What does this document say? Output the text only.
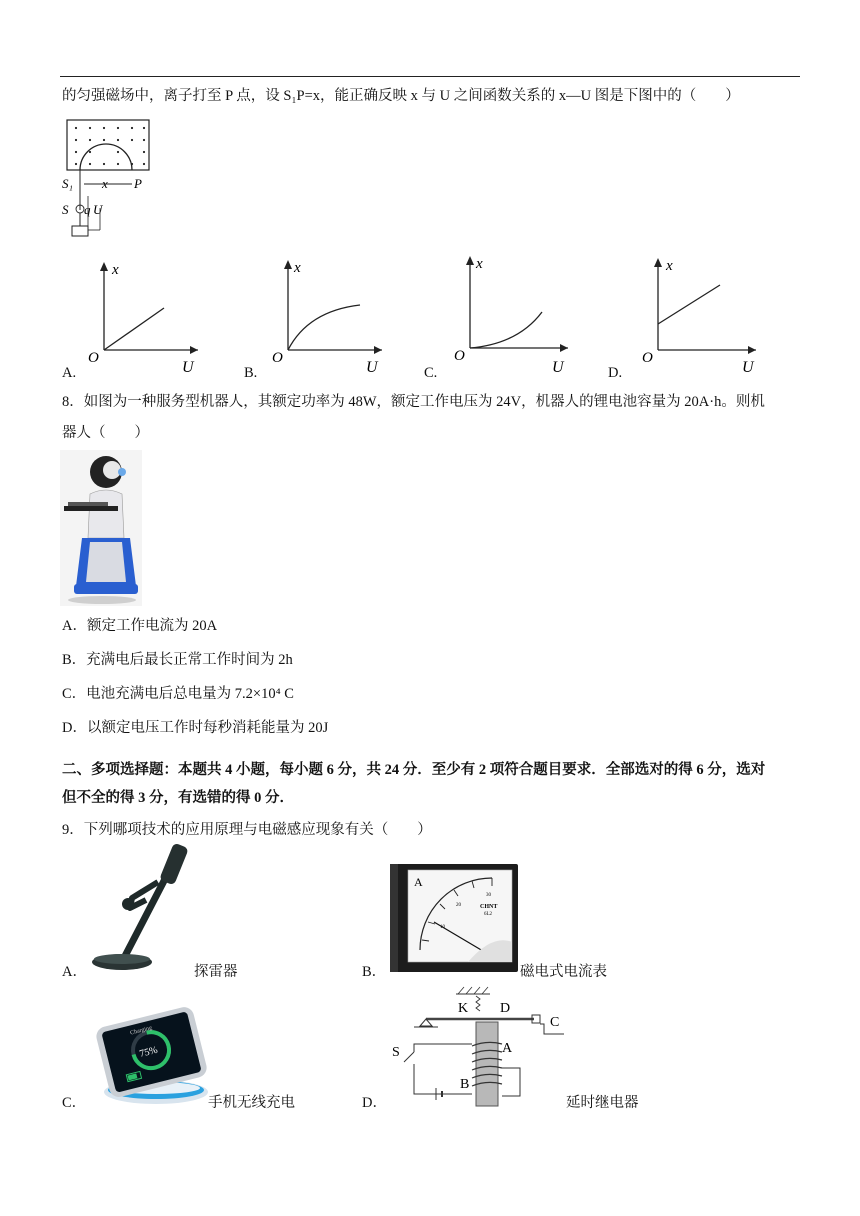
的匀强磁场中，离子打至 P 点，设 S₁P=x，能正确反映 x 与 U 之间函数关系的 x—U 图是下图中的（　　）
S₁ x P
S q U
A.
x
O
U	B.
x
O
U	C.
x
O
U	D.
x
O
U
8．如图为一种服务型机器人，其额定功率为 48W，额定工作电压为 24V，机器人的锂电池容量为 20A·h。则机
器人（　　）
A．额定工作电流为 20A
B．充满电后最长正常工作时间为 2h
C．电池充满电后总电量为 7.2×10⁴ C
D．以额定电压工作时每秒消耗能量为 20J
二、多项选择题：本题共 4 小题，每小题 6 分，共 24 分．至少有 2 项符合题目要求．全部选对的得 6 分，选对
但不全的得 3 分，有选错的得 0 分．
9．下列哪项技术的应用原理与电磁感应现象有关（　　）
A．	探雷器
A
30
20
10
CHNT
6L2
B．	磁电式电流表
75%
Charging
C．	手机无线充电
K D
C
A
B
S
D．	延时继电器
